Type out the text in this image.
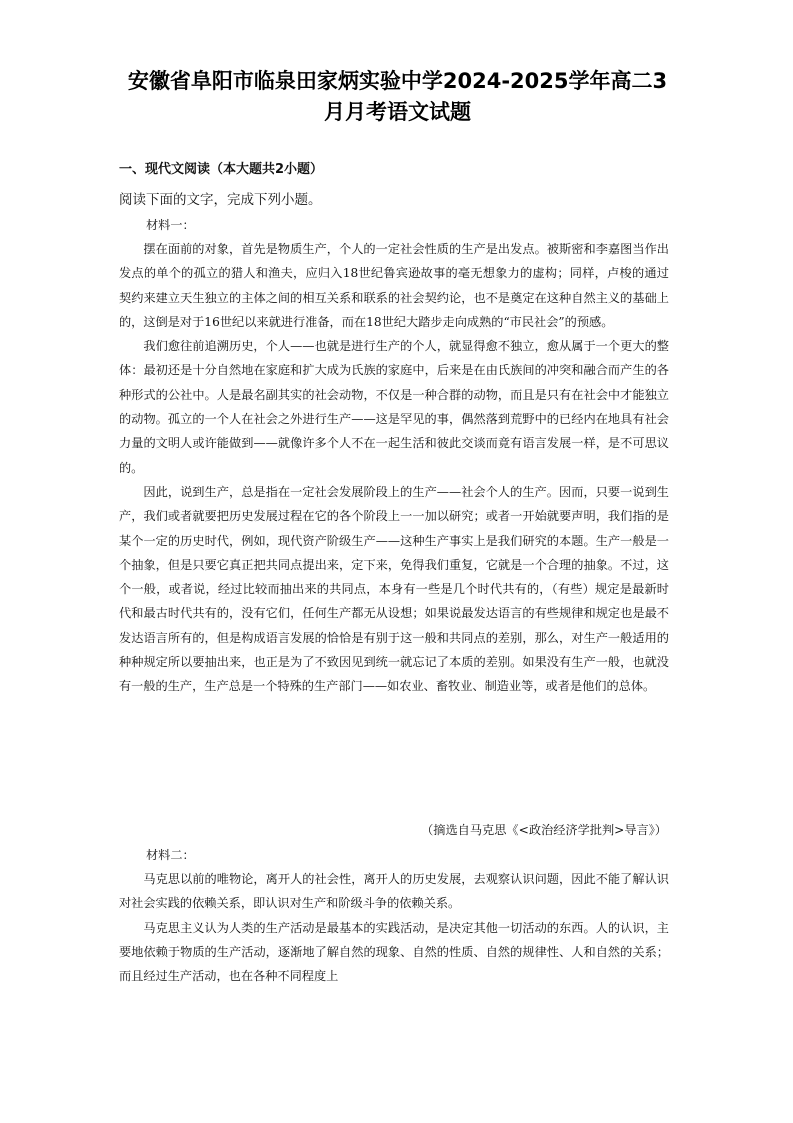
安徽省阜阳市临泉田家炳实验中学2024-2025学年高二3月月考语文试题
一、现代文阅读（本大题共2小题）
阅读下面的文字，完成下列小题。
材料一：

摆在面前的对象，首先是物质生产，个人的一定社会性质的生产是出发点。被斯密和李嘉图当作出发点的单个的孤立的猎人和渔夫，应归入18世纪鲁宾逊故事的毫无想象力的虚构；同样，卢梭的通过契约来建立天生独立的主体之间的相互关系和联系的社会契约论，也不是奠定在这种自然主义的基础上的，这倒是对于16世纪以来就进行准备，而在18世纪大踏步走向成熟的“市民社会”的预感。

我们愈往前追溯历史，个人——也就是进行生产的个人，就显得愈不独立，愈从属于一个更大的整体：最初还是十分自然地在家庭和扩大成为氏族的家庭中，后来是在由氏族间的冲突和融合而产生的各种形式的公社中。人是最名副其实的社会动物，不仅是一种合群的动物，而且是只有在社会中才能独立的动物。孤立的一个人在社会之外进行生产——这是罕见的事，偶然落到荒野中的已经内在地具有社会力量的文明人或许能做到——就像许多个人不在一起生活和彼此交谈而竟有语言发展一样，是不可思议的。

因此，说到生产，总是指在一定社会发展阶段上的生产——社会个人的生产。因而，只要一说到生产，我们或者就要把历史发展过程在它的各个阶段上一一加以研究；或者一开始就要声明，我们指的是某个一定的历史时代，例如，现代资产阶级生产——这种生产事实上是我们研究的本题。生产一般是一个抽象，但是只要它真正把共同点提出来，定下来，免得我们重复，它就是一个合理的抽象。不过，这个一般，或者说，经过比较而抽出来的共同点，本身有一些是几个时代共有的，（有些）规定是最新时代和最古时代共有的，没有它们，任何生产都无从设想；如果说最发达语言的有些规律和规定也是最不发达语言所有的，但是构成语言发展的恰恰是有别于这一般和共同点的差别，那么，对生产一般适用的种种规定所以要抽出来，也正是为了不致因见到统一就忘记了本质的差别。如果没有生产一般，也就没有一般的生产，生产总是一个特殊的生产部门——如农业、畜牧业、制造业等，或者是他们的总体。

（摘选自马克思《<政治经济学批判>导言》）
材料二：

马克思以前的唯物论，离开人的社会性，离开人的历史发展，去观察认识问题，因此不能了解认识对社会实践的依赖关系，即认识对生产和阶级斗争的依赖关系。

马克思主义认为人类的生产活动是最基本的实践活动，是决定其他一切活动的东西。人的认识，主要地依赖于物质的生产活动，逐渐地了解自然的现象、自然的性质、自然的规律性、人和自然的关系；而且经过生产活动，也在各种不同程度上
